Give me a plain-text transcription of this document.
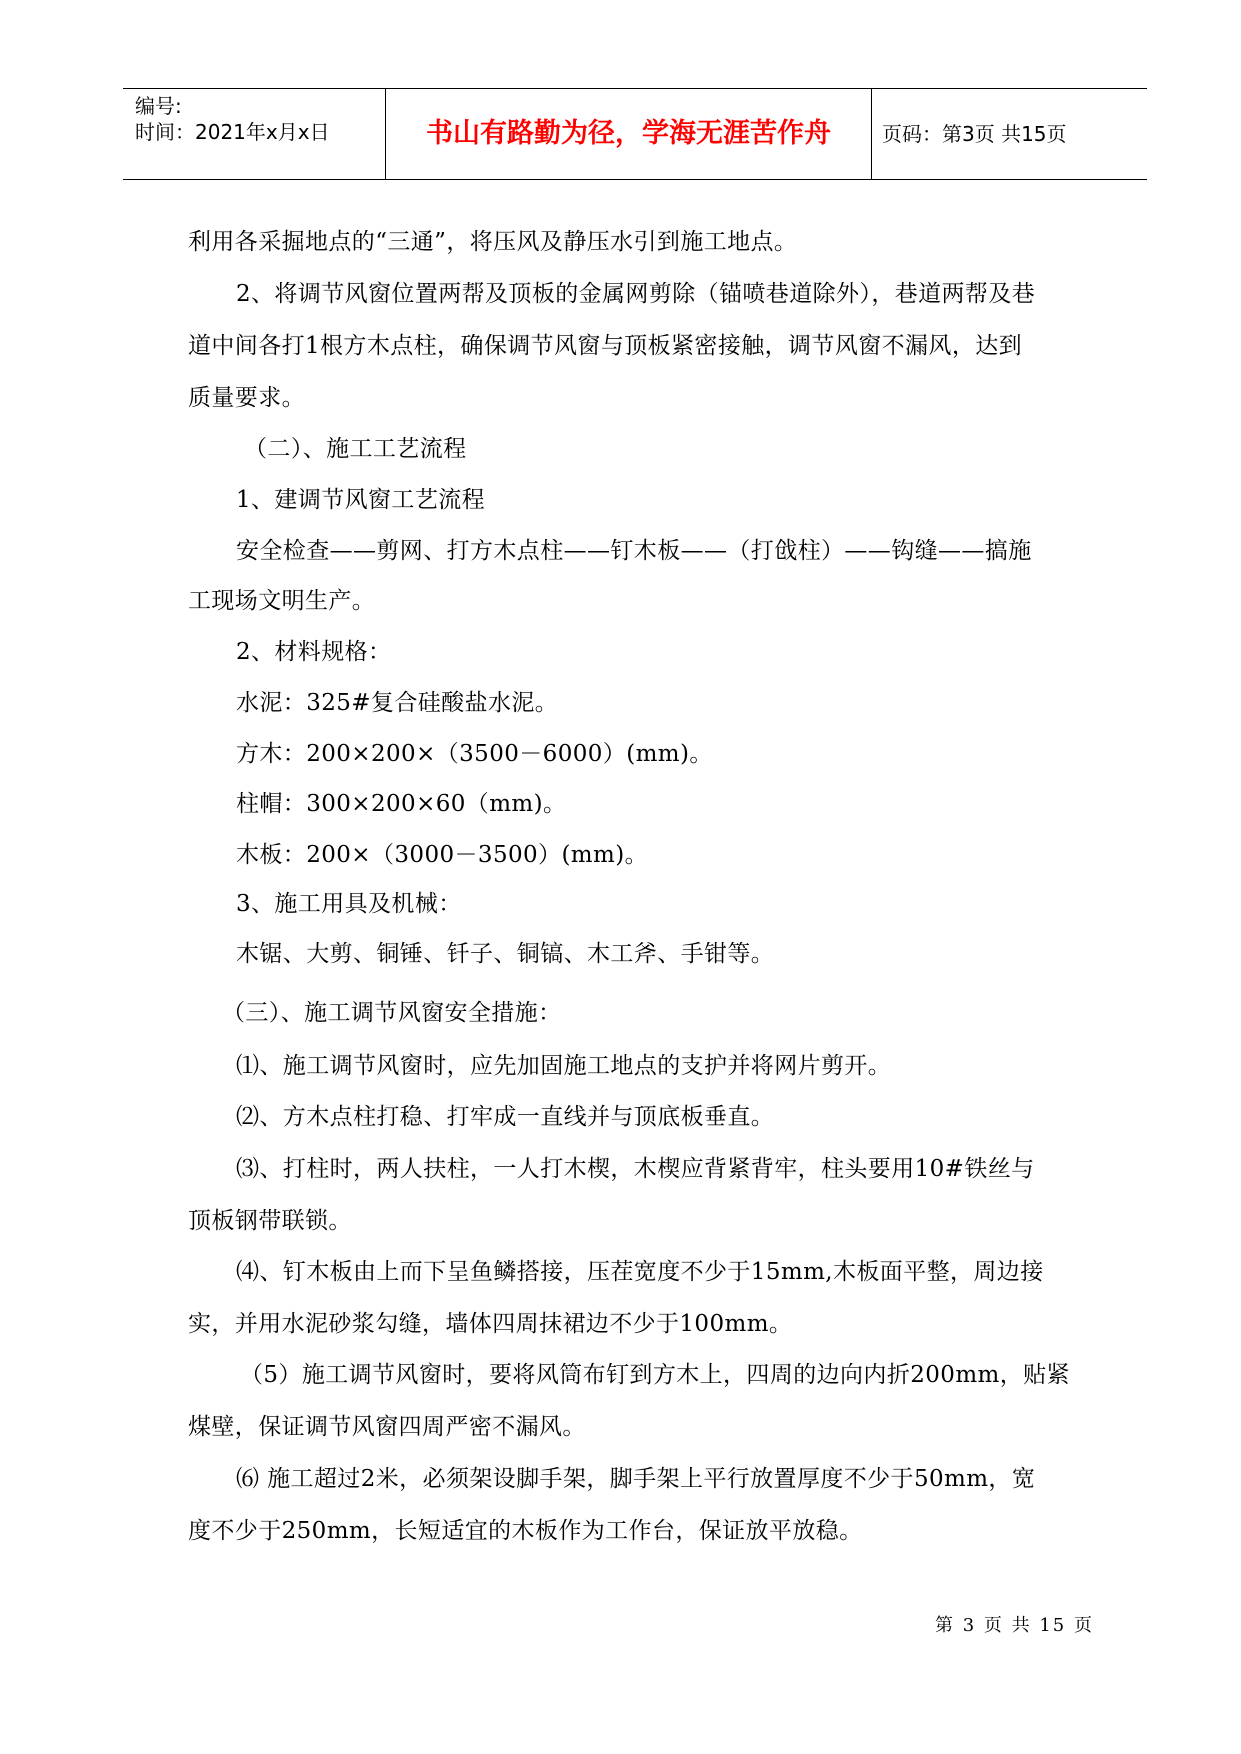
编号:
时间：2021年x月x日	书山有路勤为径，学海无涯苦作舟	页码：第3页 共15页
利用各采掘地点的“三通”，将压风及静压水引到施工地点。
2、将调节风窗位置两帮及顶板的金属网剪除（锚喷巷道除外），巷道两帮及巷
道中间各打1根方木点柱，确保调节风窗与顶板紧密接触，调节风窗不漏风，达到
质量要求。
（二）、施工工艺流程
1、建调节风窗工艺流程
安全检查——剪网、打方木点柱——钉木板——（打戗柱）——钩缝——搞施
工现场文明生产。
2、材料规格：
水泥：325#复合硅酸盐水泥。
方木：200×200×（3500－6000）(mm)。
柱帽：300×200×60（mm)。
木板：200×（3000－3500）(mm)。
3、施工用具及机械：
木锯、大剪、铜锤、钎子、铜镐、木工斧、手钳等。
（三）、施工调节风窗安全措施：
⑴、施工调节风窗时，应先加固施工地点的支护并将网片剪开。
⑵、方木点柱打稳、打牢成一直线并与顶底板垂直。
⑶、打柱时，两人扶柱，一人打木楔，木楔应背紧背牢，柱头要用10#铁丝与
顶板钢带联锁。
⑷、钉木板由上而下呈鱼鳞搭接，压茬宽度不少于15mm,木板面平整，周边接
实，并用水泥砂浆勾缝，墙体四周抹裙边不少于100mm。
（5）施工调节风窗时，要将风筒布钉到方木上，四周的边向内折200mm，贴紧
煤壁，保证调节风窗四周严密不漏风。
⑹ 施工超过2米，必须架设脚手架，脚手架上平行放置厚度不少于50mm，宽
度不少于250mm，长短适宜的木板作为工作台，保证放平放稳。
第 3 页 共 15 页
